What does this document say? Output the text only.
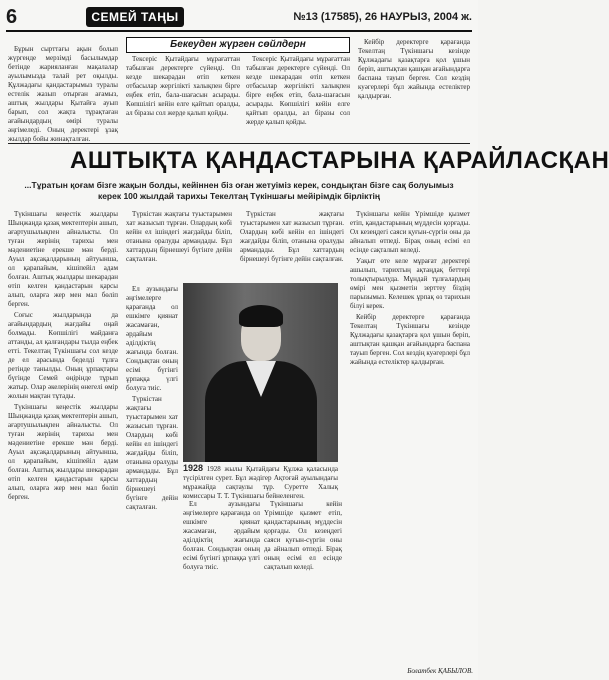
6	СЕМЕЙ ТАҢЫ	№13 (17585), 26 НАУРЫЗ, 2004 ж.
Бекеуден жүрген сөйлдерн

Бұрын сырттағы ақын болып жүргенде мерзімді басылымдар бетінде жарияланған мақалалар ауылымызда талай рет оқылды. Құлжадағы қандастарымыз туралы естелік жазып отырған ағамыз, аштық жылдары Қытайға ауып барып, сол жақта тұрақтаған ағайындардың өмірі туралы әңгімеледі. Оның деректері ұзақ жылдар бойы жинақталған.

Тексеріс Қытайдағы мұрағаттан табылған деректерге сүйенді. Ол кезде шекарадан өтіп кеткен отбасылар жергілікті халықпен бірге еңбек етіп, бала-шағасын асырады. Көпшілігі кейін елге қайтып оралды, ал біразы сол жерде қалып қойды.

Тексеріс Қытайдағы мұрағаттан табылған деректерге сүйенді. Ол кезде шекарадан өтіп кеткен отбасылар жергілікті халықпен бірге еңбек етіп, бала-шағасын асырады. Көпшілігі кейін елге қайтып оралды, ал біразы сол жерде қалып қойды.

Кейбір деректерге қарағанда Текелтаң Түкіншағы кезінде Құлжадағы қазақтарға қол ұшын беріп, аштықтан қашқан ағайындарға баспана тауып берген. Сол кездің куәгерлері бұл жайында естеліктер қалдырған.

АШТЫҚТА ҚАНДАСТАРЫНА ҚАРАЙЛАСҚАН
...Тұратын қоғам бізге жақын болды, кейіннен біз оған жетуіміз керек, сондықтан бізге сақ болуымыз керек 100 жылдай тарихы Текелтаң Түкіншағы мейірімдік бірліктің

Түкіншағы кеңестік жылдары Шыңжаңда қазақ мектептерін ашып, ағартушылықпен айналысты. Ол туған жерінің тарихы мен мәдениетіне ерекше мән берді. Ауыл ақсақалдарының айтуынша, ол қарапайым, кішіпейіл адам болған. Аштық жылдары шекарадан өтіп келген қандастарын қарсы алып, оларға жер мен мал бөліп берген.

Соғыс жылдарында да ағайындардың жағдайы оңай болмады. Көпшілігі майданға аттанды, ал қалғандары тылда еңбек етті. Текелтаң Түкіншағы сол кезде де ел арасында беделді тұлға ретінде танылды. Оның ұрпақтары бүгінде Семей өңірінде тұрып жатыр. Олар әкелерінің өнегелі өмір жолын мақтан тұтады.

Түкіншағы кеңестік жылдары Шыңжаңда қазақ мектептерін ашып, ағартушылықпен айналысты. Ол туған жерінің тарихы мен мәдениетіне ерекше мән берді. Ауыл ақсақалдарының айтуынша, ол қарапайым, кішіпейіл адам болған. Аштық жылдары шекарадан өтіп келген қандастарын қарсы алып, оларға жер мен мал бөліп берген.

Түркістан жақтағы туыстарымен хат жазысып тұрған. Олардың көбі кейін ел ішіндегі жағдайды біліп, отанына оралуды армандады. Бұл хаттардың бірнешеуі бүгінге дейін сақталған.

Түркістан жақтағы туыстарымен хат жазысып тұрған. Олардың көбі кейін ел ішіндегі жағдайды біліп, отанына оралуды армандады. Бұл хаттардың бірнешеуі бүгінге дейін сақталған.

Ел аузындағы әңгімелерге қарағанда ол ешкімге қиянат жасамаған, әрдайым әділдіктің жағында болған. Сондықтан оның есімі бүгінгі ұрпаққа үлгі болуға тиіс.

Түркістан жақтағы туыстарымен хат жазысып тұрған. Олардың көбі кейін ел ішіндегі жағдайды біліп, отанына оралуды армандады. Бұл хаттардың бірнешеуі бүгінге дейін сақталған.

1928 1928 жылы Қытайдағы Құлжа қаласында түсірілген сурет. Бұл жәдігер Ақтоғай ауылындағы мұражайда сақтаулы тұр. Суретте Халық комиссары Т. Т. Түкіншағы бейнеленген.

Ел аузындағы әңгімелерге қарағанда ол ешкімге қиянат жасамаған, әрдайым әділдіктің жағында болған. Сондықтан оның есімі бүгінгі ұрпаққа үлгі болуға тиіс.

Түкіншағы кейін Үрімшіде қызмет етіп, қандастарының мүддесін қорғады. Ол кезеңдегі саяси қуғын-сүргін оны да айналып өтпеді. Бірақ оның есімі ел есінде сақталып келеді.

Түкіншағы кейін Үрімшіде қызмет етіп, қандастарының мүддесін қорғады. Ол кезеңдегі саяси қуғын-сүргін оны да айналып өтпеді. Бірақ оның есімі ел есінде сақталып келеді.

Уақыт өте келе мұрағат деректері ашылып, тарихтың ақтаңдақ беттері толықтырылуда. Мұндай тұлғалардың өмірі мен қызметін зерттеу біздің парызымыз. Келешек ұрпақ өз тарихын білуі керек.

Кейбір деректерге қарағанда Текелтаң Түкіншағы кезінде Құлжадағы қазақтарға қол ұшын беріп, аштықтан қашқан ағайындарға баспана тауып берген. Сол кездің куәгерлері бұл жайында естеліктер қалдырған.

Болатбек ҚАБЫЛОВ.
